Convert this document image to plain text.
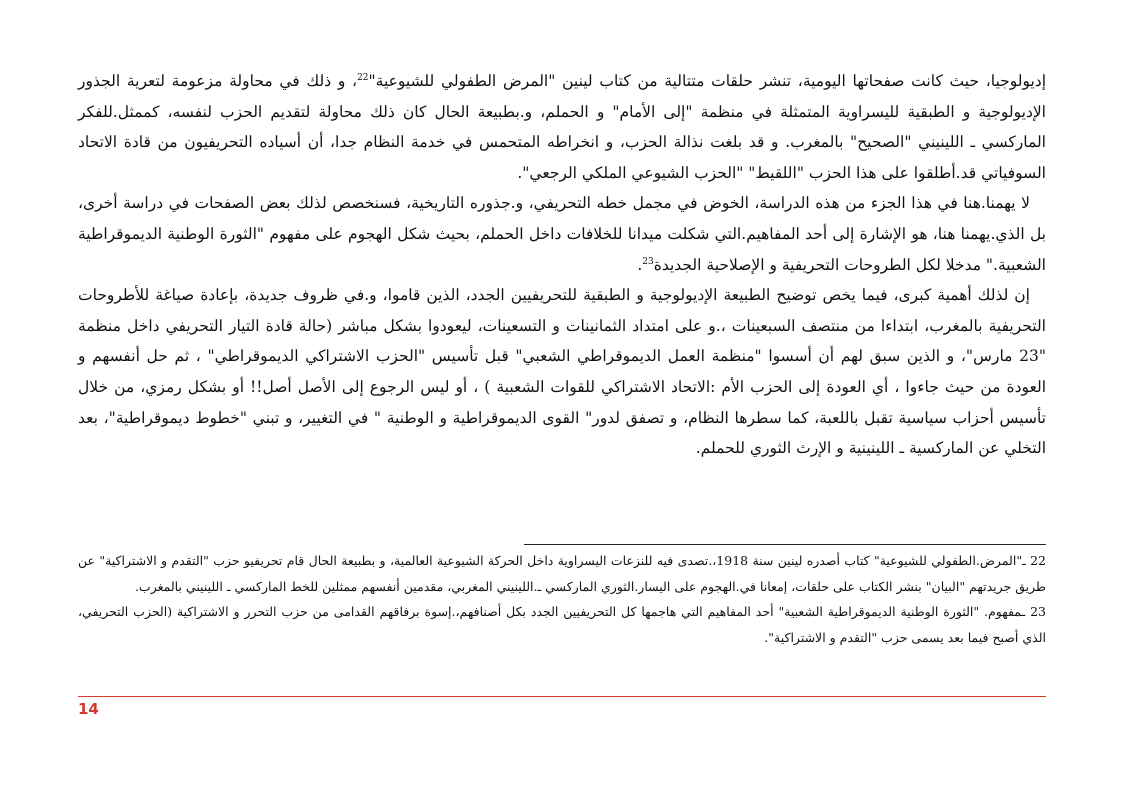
إديولوجيا، حيث كانت صفحاتها اليومية، تنشر حلقات متتالية من كتاب لينين "المرض الطفولي للشيوعية"$^{22}$، و ذلك في محاولة مزعومة لتعرية الجذور الإديولوجية و الطبقية لليسراوية المتمثلة في منظمة "إلى الأمام" و الحملم، و.بطبيعة الحال كان ذلك محاولة لتقديم الحزب لنفسه، كممثل.للفكر الماركسي ـ اللينيني "الصحيح" بالمغرب. و قد بلغت نذالة الحزب، و انخراطه المتحمس في خدمة النظام جدا، أن أسياده التحريفيون من قادة الاتحاد السوفياتي قد.أطلقوا على هذا الحزب "اللقيط" "الحزب الشيوعي الملكي الرجعي".

لا يهمنا.هنا في هذا الجزء من هذه الدراسة، الخوض في مجمل خطه التحريفي، و.جذوره التاريخية، فسنخصص لذلك بعض الصفحات في دراسة أخرى، بل الذي.يهمنا هنا، هو الإشارة إلى أحد المفاهيم.التي شكلت ميدانا للخلافات داخل الحملم، بحيث شكل الهجوم على مفهوم "الثورة الوطنية الديموقراطية الشعبية." مدخلا لكل الطروحات التحريفية و الإصلاحية الجديدة$^{23}$.

إن لذلك أهمية كبرى، فيما يخص توضيح الطبيعة الإديولوجية و الطبقية للتحريفيين الجدد، الذين قاموا، و.في ظروف جديدة، بإعادة صياغة للأطروحات التحريفية بالمغرب، ابتداءا من منتصف السبعينات ،.و على امتداد الثمانينات و التسعينات، ليعودوا بشكل مباشر (حالة قادة التيار التحريفي داخل منظمة "23 مارس"، و الذين سبق لهم أن أسسوا "منظمة العمل الديموقراطي الشعبي" قبل تأسيس "الحزب الاشتراكي الديموقراطي" ، ثم حل أنفسهم و العودة من حيث جاءوا ، أي العودة إلى الحزب الأم :الاتحاد الاشتراكي للقوات الشعبية ) ، أو ليس الرجوع إلى الأصل أصل!! أو بشكل رمزي، من خلال تأسيس أحزاب سياسية تقبل باللعبة، كما سطرها النظام، و تصفق لدور" القوى الديموقراطية و الوطنية " في التغيير، و تبني "خطوط ديموقراطية"، بعد التخلي عن الماركسية ـ اللينينية و الإرث الثوري للحملم.

22 ـ"المرض.الطفولي للشيوعية" كتاب أصدره لينين سنة 1918،.تصدى فيه للنزعات اليسراوية داخل الحركة الشيوعية العالمية، و بطبيعة الحال قام تحريفيو حزب "التقدم و الاشتراكية" عن طريق جريدتهم "البيان" بنشر الكتاب على حلقات، إمعانا في.الهجوم على اليسار.الثوري الماركسي ـ.اللينيني المغربي، مقدمين أنفسهم ممثلين للخط الماركسي ـ اللينيني بالمغرب.

23 ـمفهوم. "الثورة الوطنية الديموقراطية الشعبية" أحد المفاهيم التي هاجمها كل التحريفيين الجدد بكل أصنافهم،.إسوة برفاقهم القدامى من حزب التحرر و الاشتراكية (الحزب التحريفي، الذي أصبح فيما بعد يسمى حزب "التقدم و الاشتراكية".

14
